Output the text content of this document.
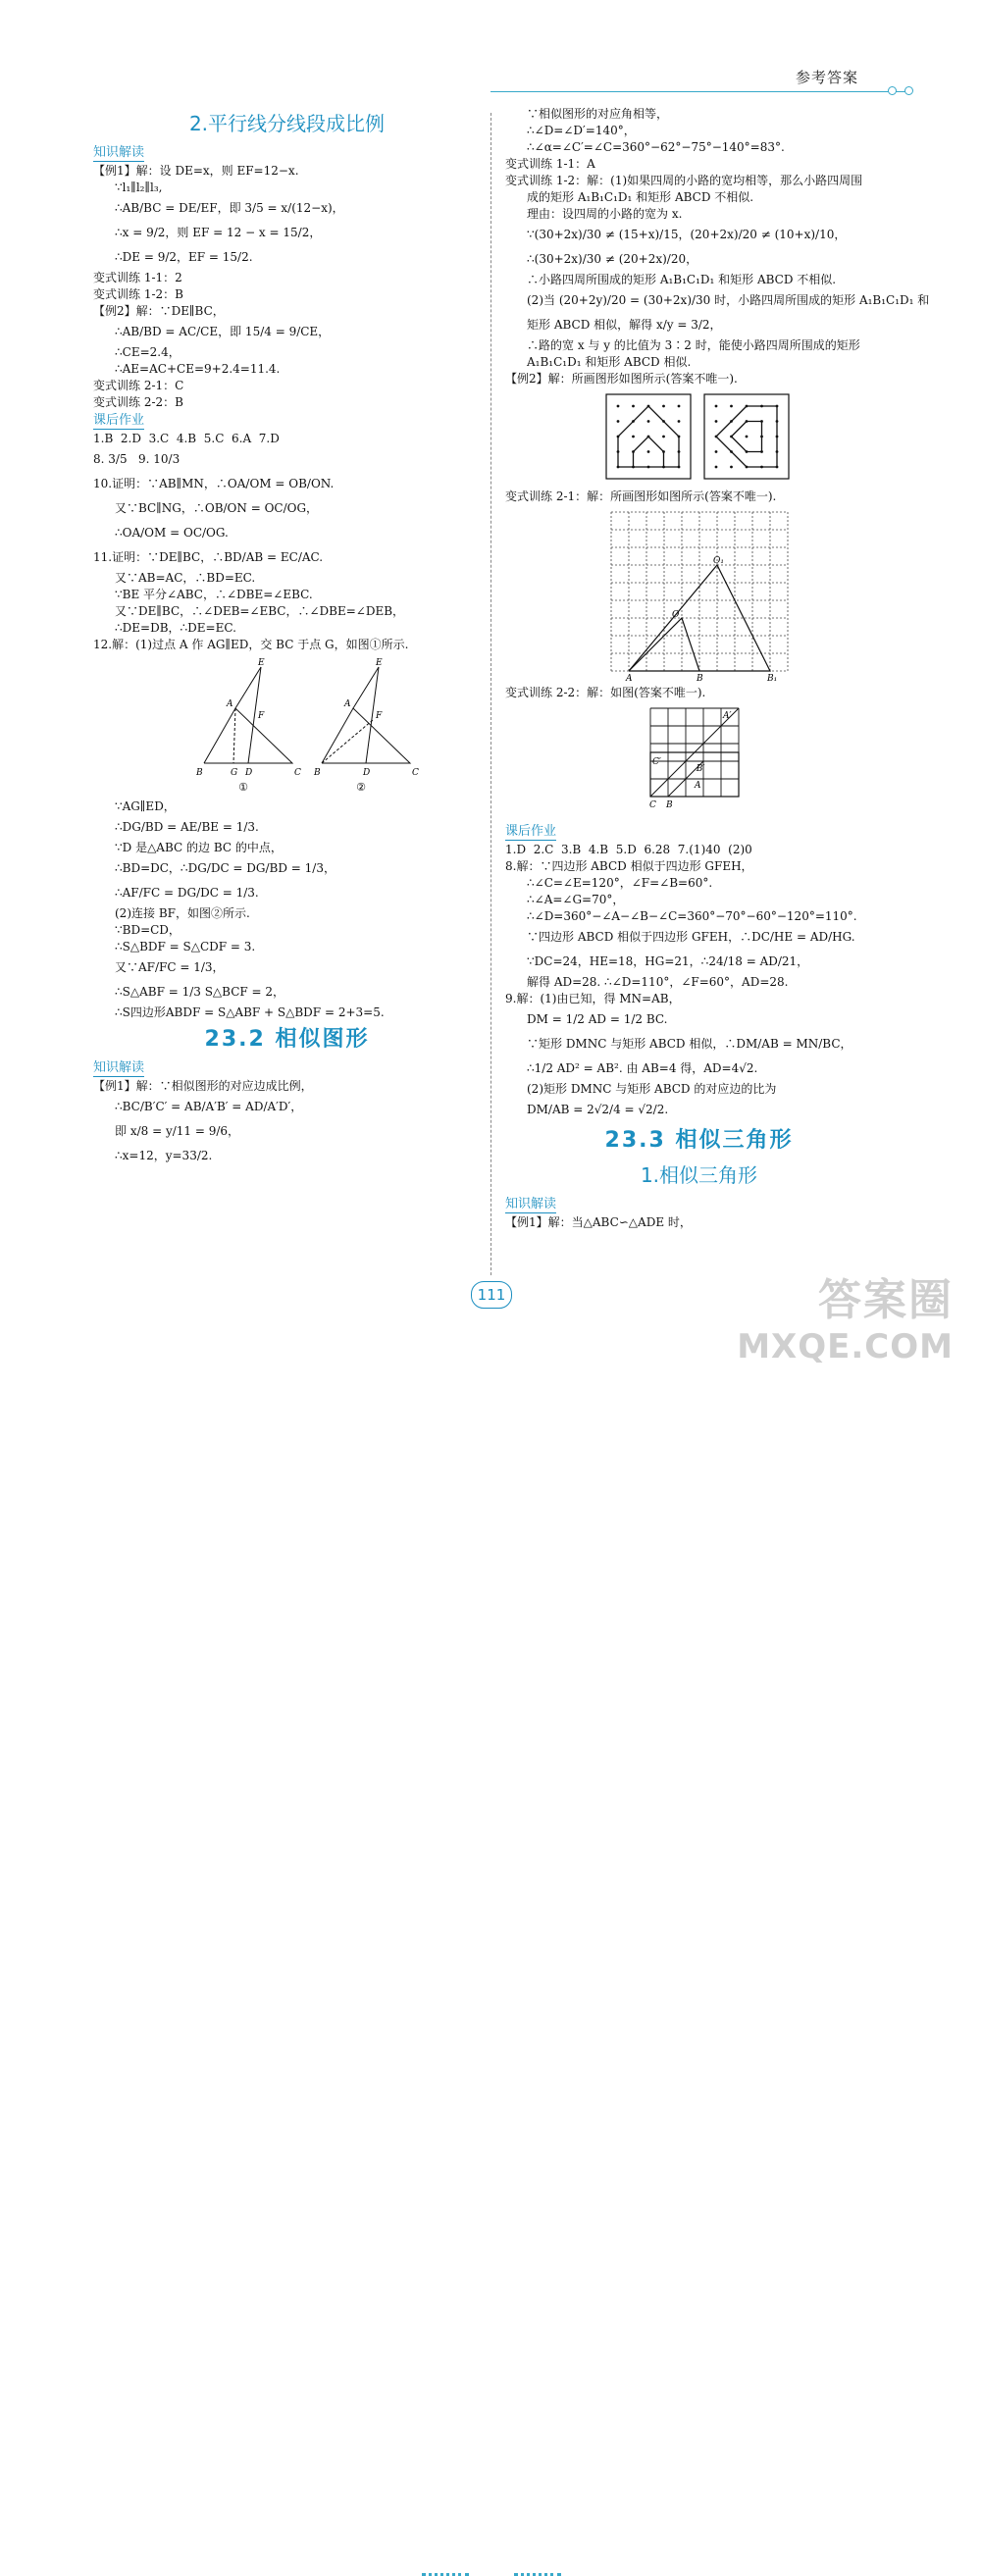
参考答案
2.平行线分线段成比例
知识解读
【例1】解：设 DE=x，则 EF=12−x.
∵l₁∥l₂∥l₃,
∴AB/BC = DE/EF，即 3/5 = x/(12−x)，
∴x = 9/2，则 EF = 12 − x = 15/2，
∴DE = 9/2，EF = 15/2.
变式训练 1-1：2
变式训练 1-2：B
【例2】解：∵DE∥BC，
∴AB/BD = AC/CE，即 15/4 = 9/CE，
∴CE=2.4，
∴AE=AC+CE=9+2.4=11.4.
变式训练 2-1：C
变式训练 2-2：B
课后作业
1.B  2.D  3.C  4.B  5.C  6.A  7.D
8. 3/5   9. 10/3
10.证明：∵AB∥MN，∴OA/OM = OB/ON.
又∵BC∥NG，∴OB/ON = OC/OG，
∴OA/OM = OC/OG.
11.证明：∵DE∥BC，∴BD/AB = EC/AC.
又∵AB=AC，∴BD=EC.
∵BE 平分∠ABC，∴∠DBE=∠EBC.
又∵DE∥BC，∴∠DEB=∠EBC，∴∠DBE=∠DEB，
∴DE=DB，∴DE=EC.
12.解：(1)过点 A 作 AG∥ED，交 BC 于点 G，如图①所示.
G
B	C
D
A
E
F
①
B	C
D
A
E
F
②
∵AG∥ED，
∴DG/BD = AE/BE = 1/3.
∵D 是△ABC 的边 BC 的中点，
∴BD=DC，∴DG/DC = DG/BD = 1/3，
∴AF/FC = DG/DC = 1/3.
(2)连接 BF，如图②所示.
∵BD=CD，
∴S△BDF = S△CDF = 3.
又∵AF/FC = 1/3，
∴S△ABF = 1/3 S△BCF = 2，
∴S四边形ABDF = S△ABF + S△BDF = 2+3=5.
23.2 相似图形
知识解读
【例1】解：∵相似图形的对应边成比例，
∴BC/B′C′ = AB/A′B′ = AD/A′D′，
即 x/8 = y/11 = 9/6，
∴x=12，y=33/2.
∵相似图形的对应角相等，
∴∠D=∠D′=140°，
∴∠α=∠C′=∠C=360°−62°−75°−140°=83°.
变式训练 1-1：A
变式训练 1-2：解：(1)如果四周的小路的宽均相等，那么小路四周围
成的矩形 A₁B₁C₁D₁ 和矩形 ABCD 不相似.
理由：设四周的小路的宽为 x.
∵(30+2x)/30 ≠ (15+x)/15，(20+2x)/20 ≠ (10+x)/10，
∴(30+2x)/30 ≠ (20+2x)/20，
∴小路四周所围成的矩形 A₁B₁C₁D₁ 和矩形 ABCD 不相似.
(2)当 (20+2y)/20 = (30+2x)/30 时，小路四周所围成的矩形 A₁B₁C₁D₁ 和
矩形 ABCD 相似，解得 x/y = 3/2，
∴路的宽 x 与 y 的比值为 3∶2 时，能使小路四周所围成的矩形
A₁B₁C₁D₁ 和矩形 ABCD 相似.
【例2】解：所画图形如图所示(答案不唯一).
变式训练 2-1：解：所画图形如图所示(答案不唯一).
A	B
O
O₁
B₁
变式训练 2-2：解：如图(答案不唯一).
C B
A′
C′
B′
A
课后作业
1.D  2.C  3.B  4.B  5.D  6.28  7.(1)40  (2)0
8.解：∵四边形 ABCD 相似于四边形 GFEH，
∴∠C=∠E=120°，∠F=∠B=60°.
∴∠A=∠G=70°，
∴∠D=360°−∠A−∠B−∠C=360°−70°−60°−120°=110°.
∵四边形 ABCD 相似于四边形 GFEH，∴DC/HE = AD/HG.
∵DC=24，HE=18，HG=21，∴24/18 = AD/21，
解得 AD=28. ∴∠D=110°，∠F=60°，AD=28.
9.解：(1)由已知，得 MN=AB，
DM = 1/2 AD = 1/2 BC.
∵矩形 DMNC 与矩形 ABCD 相似，∴DM/AB = MN/BC，
∴1/2 AD² = AB². 由 AB=4 得，AD=4√2.
(2)矩形 DMNC 与矩形 ABCD 的对应边的比为
DM/AB = 2√2/4 = √2/2.
23.3 相似三角形
1.相似三角形
知识解读
【例1】解：当△ABC∽△ADE 时，
111	答案圈
MXQE.COM
